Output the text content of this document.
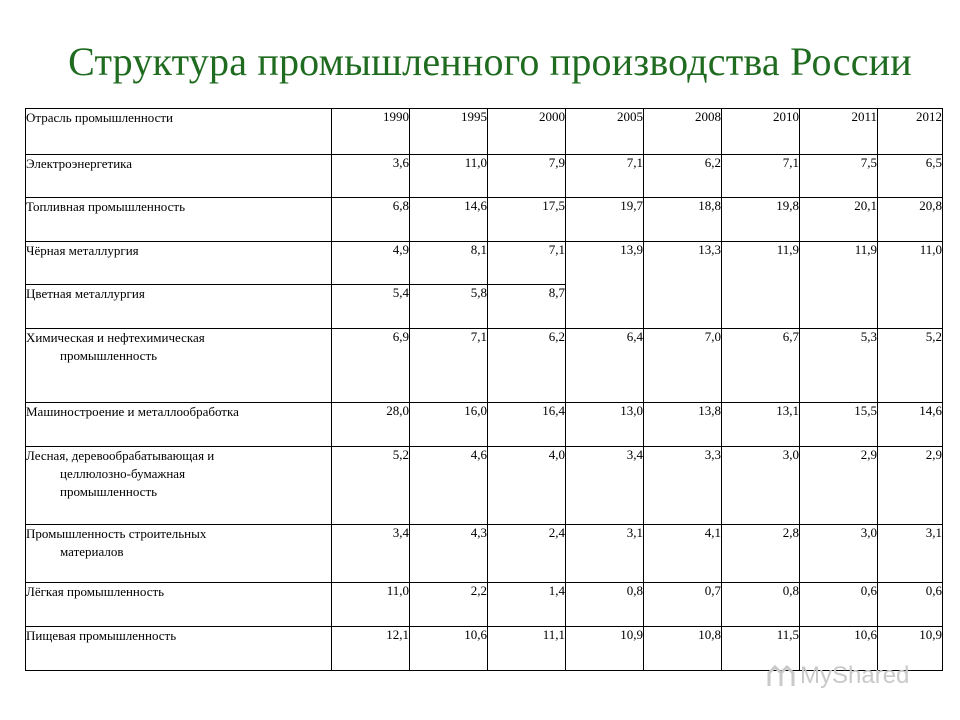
Структура промышленного производства России
Отрасль промышленности	1990	1995	2000	2005	2008	2010	2011	2012

Электроэнергетика	3,6	11,0	7,9	7,1	6,2	7,1	7,5	6,5

Топливная промышленность	6,8	14,6	17,5	19,7	18,8	19,8	20,1	20,8

Чёрная металлургия	4,9	8,1	7,1	13,9	13,3	11,9	11,9	11,0

Цветная металлургия	5,4	5,8	8,7					

Химическая и нефтехимическая
промышленность	6,9	7,1	6,2	6,4	7,0	6,7	5,3	5,2

Машиностроение и металлообработка	28,0	16,0	16,4	13,0	13,8	13,1	15,5	14,6

Лесная, деревообрабатывающая и
целлюлозно-бумажная
промышленность	5,2	4,6	4,0	3,4	3,3	3,0	2,9	2,9

Промышленность строительных
материалов	3,4	4,3	2,4	3,1	4,1	2,8	3,0	3,1

Лёгкая промышленность	11,0	2,2	1,4	0,8	0,7	0,8	0,6	0,6

Пищевая промышленность	12,1	10,6	11,1	10,9	10,8	11,5	10,6	10,9
MyShared
